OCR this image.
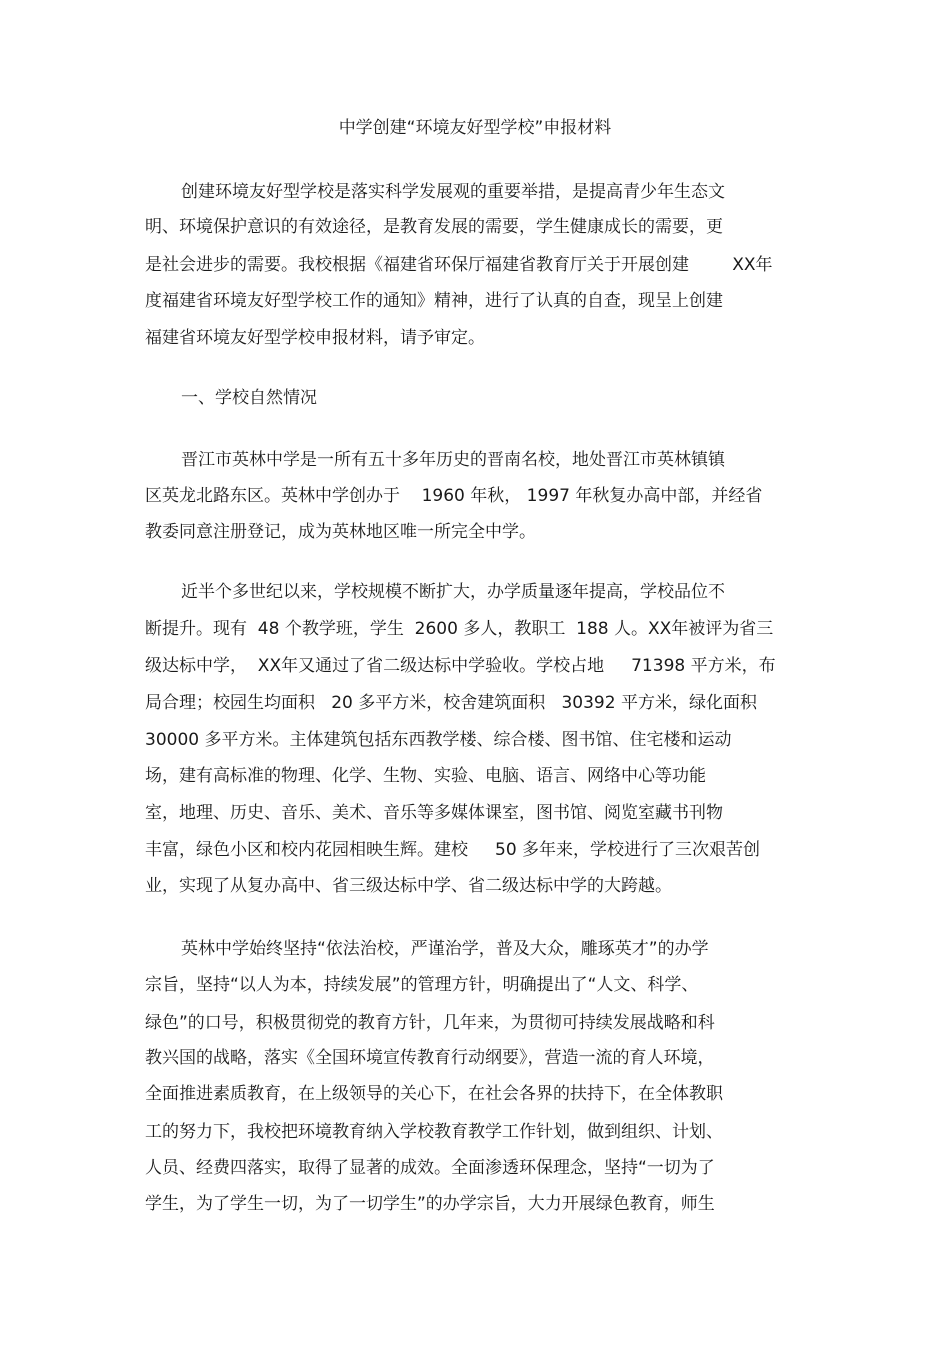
中学创建“环境友好型学校”申报材料
创建环境友好型学校是落实科学发展观的重要举措，是提高青少年生态文
明、环境保护意识的有效途径，是教育发展的需要，学生健康成长的需要，更
是社会进步的需要。我校根据《福建省环保厅福建省教育厅关于开展创建        XX年
度福建省环境友好型学校工作的通知》精神，进行了认真的自查，现呈上创建
福建省环境友好型学校申报材料，请予审定。
一、学校自然情况
晋江市英林中学是一所有五十多年历史的晋南名校，地处晋江市英林镇镇
区英龙北路东区。英林中学创办于    1960 年秋， 1997 年秋复办高中部，并经省
教委同意注册登记，成为英林地区唯一所完全中学。
近半个多世纪以来，学校规模不断扩大，办学质量逐年提高，学校品位不
断提升。现有  48 个教学班，学生  2600 多人，教职工  188 人。XX年被评为省三
级达标中学，  XX年又通过了省二级达标中学验收。学校占地     71398 平方米，布
局合理；校园生均面积   20 多平方米，校舍建筑面积   30392 平方米，绿化面积
30000 多平方米。主体建筑包括东西教学楼、综合楼、图书馆、住宅楼和运动
场，建有高标准的物理、化学、生物、实验、电脑、语言、网络中心等功能
室，地理、历史、音乐、美术、音乐等多媒体课室，图书馆、阅览室藏书刊物
丰富，绿色小区和校内花园相映生辉。建校     50 多年来，学校进行了三次艰苦创
业，实现了从复办高中、省三级达标中学、省二级达标中学的大跨越。
英林中学始终坚持“依法治校，严谨治学，普及大众，雕琢英才”的办学
宗旨，坚持“以人为本，持续发展”的管理方针，明确提出了“人文、科学、
绿色”的口号，积极贯彻党的教育方针，几年来，为贯彻可持续发展战略和科
教兴国的战略，落实《全国环境宣传教育行动纲要》，营造一流的育人环境，
全面推进素质教育，在上级领导的关心下，在社会各界的扶持下，在全体教职
工的努力下，我校把环境教育纳入学校教育教学工作针划，做到组织、计划、
人员、经费四落实，取得了显著的成效。全面渗透环保理念，坚持“一切为了
学生，为了学生一切，为了一切学生”的办学宗旨，大力开展绿色教育，师生
